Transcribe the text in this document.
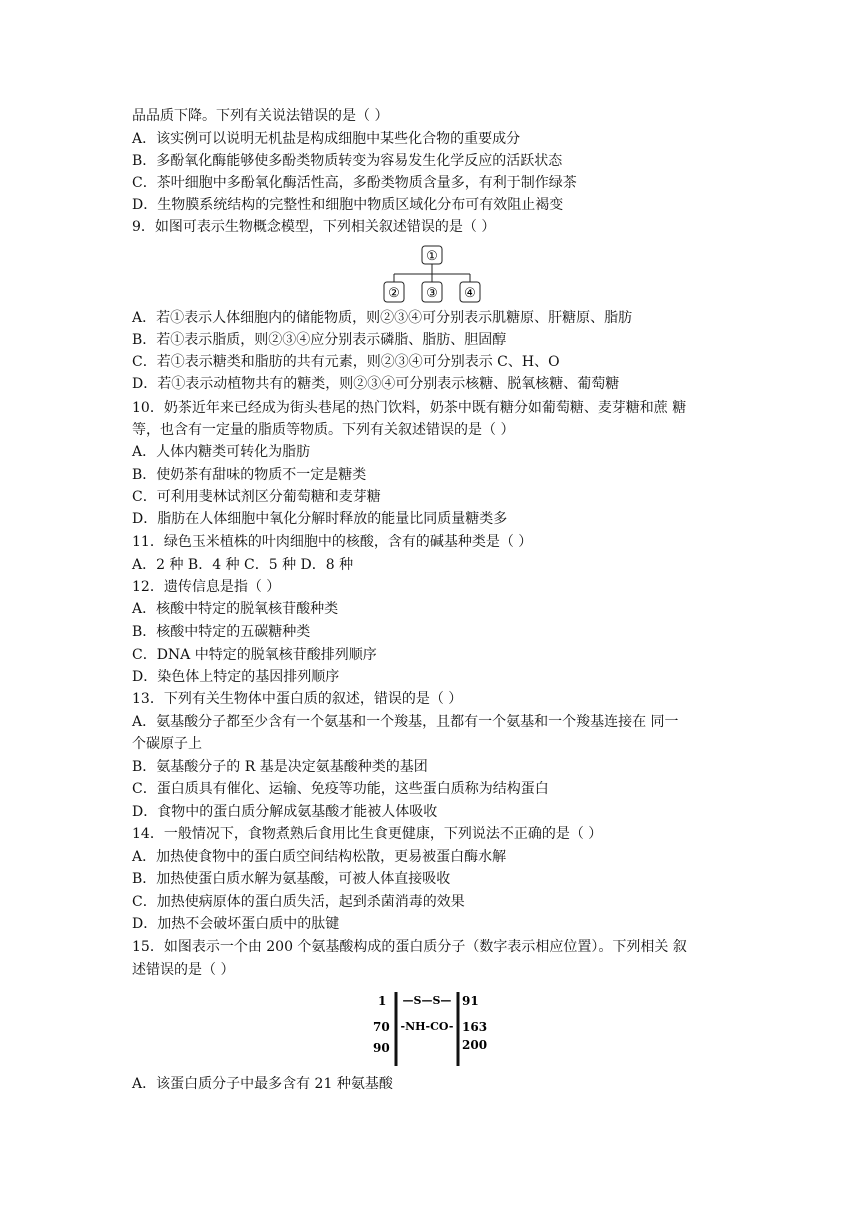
品品质下降。下列有关说法错误的是（ ）
A．该实例可以说明无机盐是构成细胞中某些化合物的重要成分
B．多酚氧化酶能够使多酚类物质转变为容易发生化学反应的活跃状态
C．茶叶细胞中多酚氧化酶活性高，多酚类物质含量多，有利于制作绿茶
D．生物膜系统结构的完整性和细胞中物质区域化分布可有效阻止褐变
9．如图可表示生物概念模型，下列相关叙述错误的是（ ）
①
② ③ ④
A．若①表示人体细胞内的储能物质，则②③④可分别表示肌糖原、肝糖原、脂肪
B．若①表示脂质，则②③④应分别表示磷脂、脂肪、胆固醇
C．若①表示糖类和脂肪的共有元素，则②③④可分别表示 C、H、O
D．若①表示动植物共有的糖类，则②③④可分别表示核糖、脱氧核糖、葡萄糖
10．奶茶近年来已经成为街头巷尾的热门饮料，奶茶中既有糖分如葡萄糖、麦芽糖和蔗 糖
等，也含有一定量的脂质等物质。下列有关叙述错误的是（ ）
A．人体内糖类可转化为脂肪
B．使奶茶有甜味的物质不一定是糖类
C．可利用斐林试剂区分葡萄糖和麦芽糖
D．脂肪在人体细胞中氧化分解时释放的能量比同质量糖类多
11．绿色玉米植株的叶肉细胞中的核酸，含有的碱基种类是（ ）
A．2 种 B．4 种 C．5 种 D．8 种
12．遗传信息是指（ ）
A．核酸中特定的脱氧核苷酸种类
B．核酸中特定的五碳糖种类
C．DNA 中特定的脱氧核苷酸排列顺序
D．染色体上特定的基因排列顺序
13．下列有关生物体中蛋白质的叙述，错误的是（ ）
A．氨基酸分子都至少含有一个氨基和一个羧基，且都有一个氨基和一个羧基连接在 同一
个碳原子上
B．氨基酸分子的 R 基是决定氨基酸种类的基团
C．蛋白质具有催化、运输、免疫等功能，这些蛋白质称为结构蛋白
D．食物中的蛋白质分解成氨基酸才能被人体吸收
14．一般情况下，食物煮熟后食用比生食更健康，下列说法不正确的是（ ）
A．加热使食物中的蛋白质空间结构松散，更易被蛋白酶水解
B．加热使蛋白质水解为氨基酸，可被人体直接吸收
C．加热使病原体的蛋白质失活，起到杀菌消毒的效果
D．加热不会破坏蛋白质中的肽键
15．如图表示一个由 200 个氨基酸构成的蛋白质分子（数字表示相应位置）。下列相关 叙
述错误的是（ ）
1 —S—S— 91
70 -NH-CO- 163
90	200
A．该蛋白质分子中最多含有 21 种氨基酸
